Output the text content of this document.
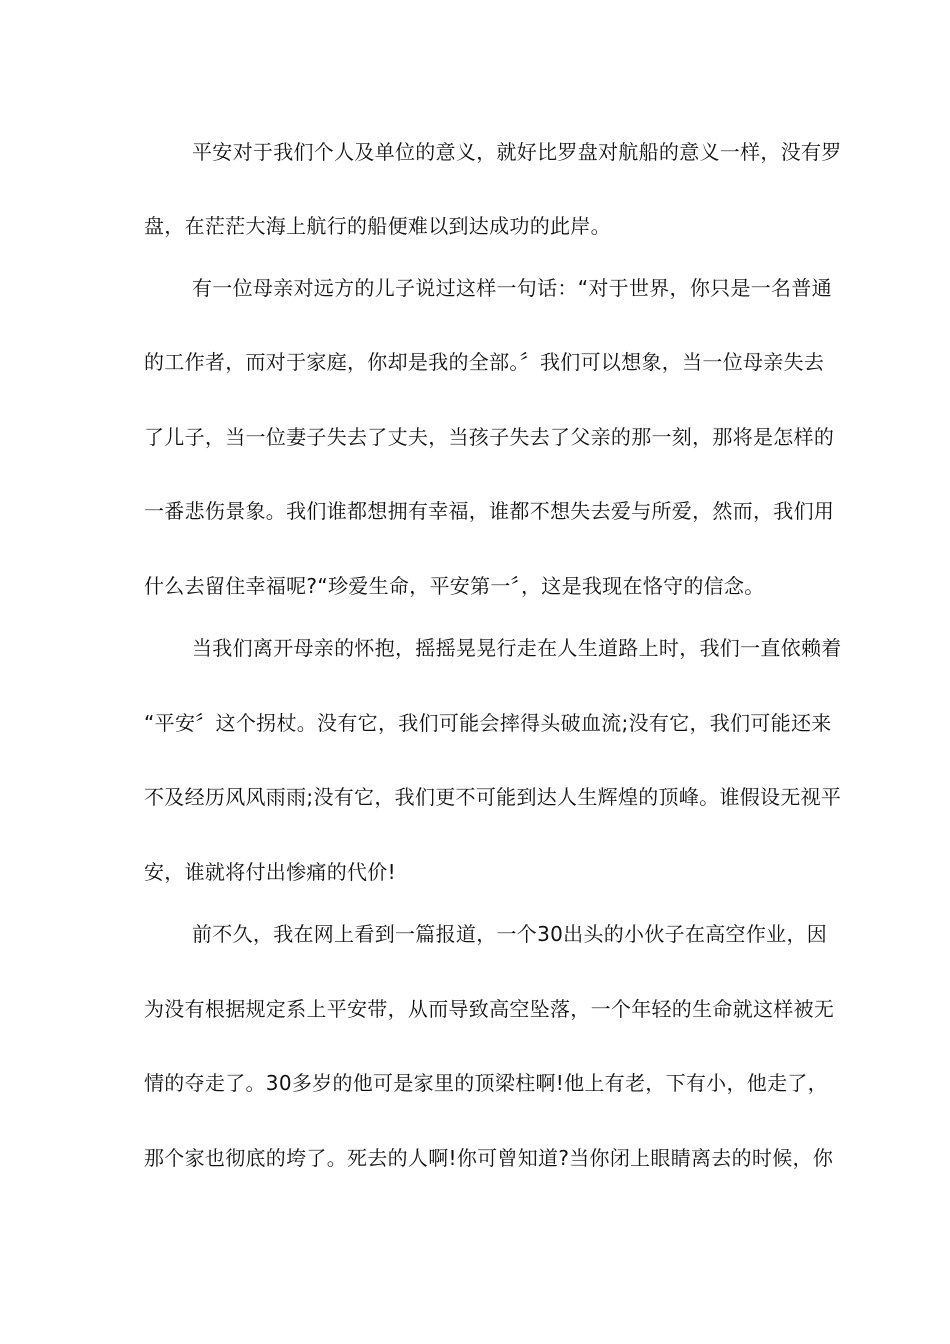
平安对于我们个人及单位的意义，就好比罗盘对航船的意义一样，没有罗
盘，在茫茫大海上航行的船便难以到达成功的此岸。
有一位母亲对远方的儿子说过这样一句话：“对于世界，你只是一名普通
的工作者，而对于家庭，你却是我的全部。〞我们可以想象，当一位母亲失去
了儿子，当一位妻子失去了丈夫，当孩子失去了父亲的那一刻，那将是怎样的
一番悲伤景象。我们谁都想拥有幸福，谁都不想失去爱与所爱，然而，我们用
什么去留住幸福呢?“珍爱生命，平安第一〞，这是我现在恪守的信念。
当我们离开母亲的怀抱，摇摇晃晃行走在人生道路上时，我们一直依赖着
“平安〞这个拐杖。没有它，我们可能会摔得头破血流;没有它，我们可能还来
不及经历风风雨雨;没有它，我们更不可能到达人生辉煌的顶峰。谁假设无视平
安，谁就将付出惨痛的代价!
前不久，我在网上看到一篇报道，一个30出头的小伙子在高空作业，因
为没有根据规定系上平安带，从而导致高空坠落，一个年轻的生命就这样被无
情的夺走了。30多岁的他可是家里的顶梁柱啊!他上有老，下有小，他走了，
那个家也彻底的垮了。死去的人啊!你可曾知道?当你闭上眼睛离去的时候，你
